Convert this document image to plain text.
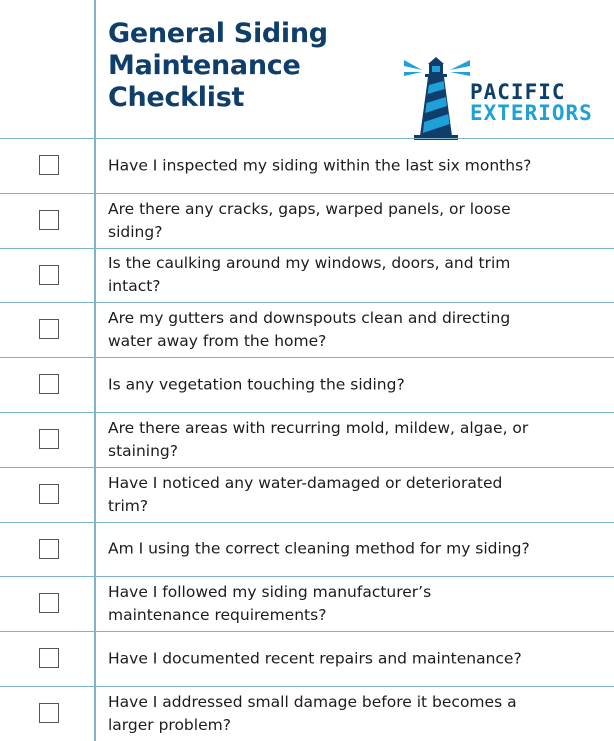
General Siding Maintenance Checklist	PACIFIC
EXTERIORS
Have I inspected my siding within the last six months?
Are there any cracks, gaps, warped panels, or loose siding?
Is the caulking around my windows, doors, and trim intact?
Are my gutters and downspouts clean and directing water away from the home?
Is any vegetation touching the siding?
Are there areas with recurring mold, mildew, algae, or staining?
Have I noticed any water-damaged or deteriorated trim?
Am I using the correct cleaning method for my siding?
Have I followed my siding manufacturer’s maintenance requirements?
Have I documented recent repairs and maintenance?
Have I addressed small damage before it becomes a larger problem?
